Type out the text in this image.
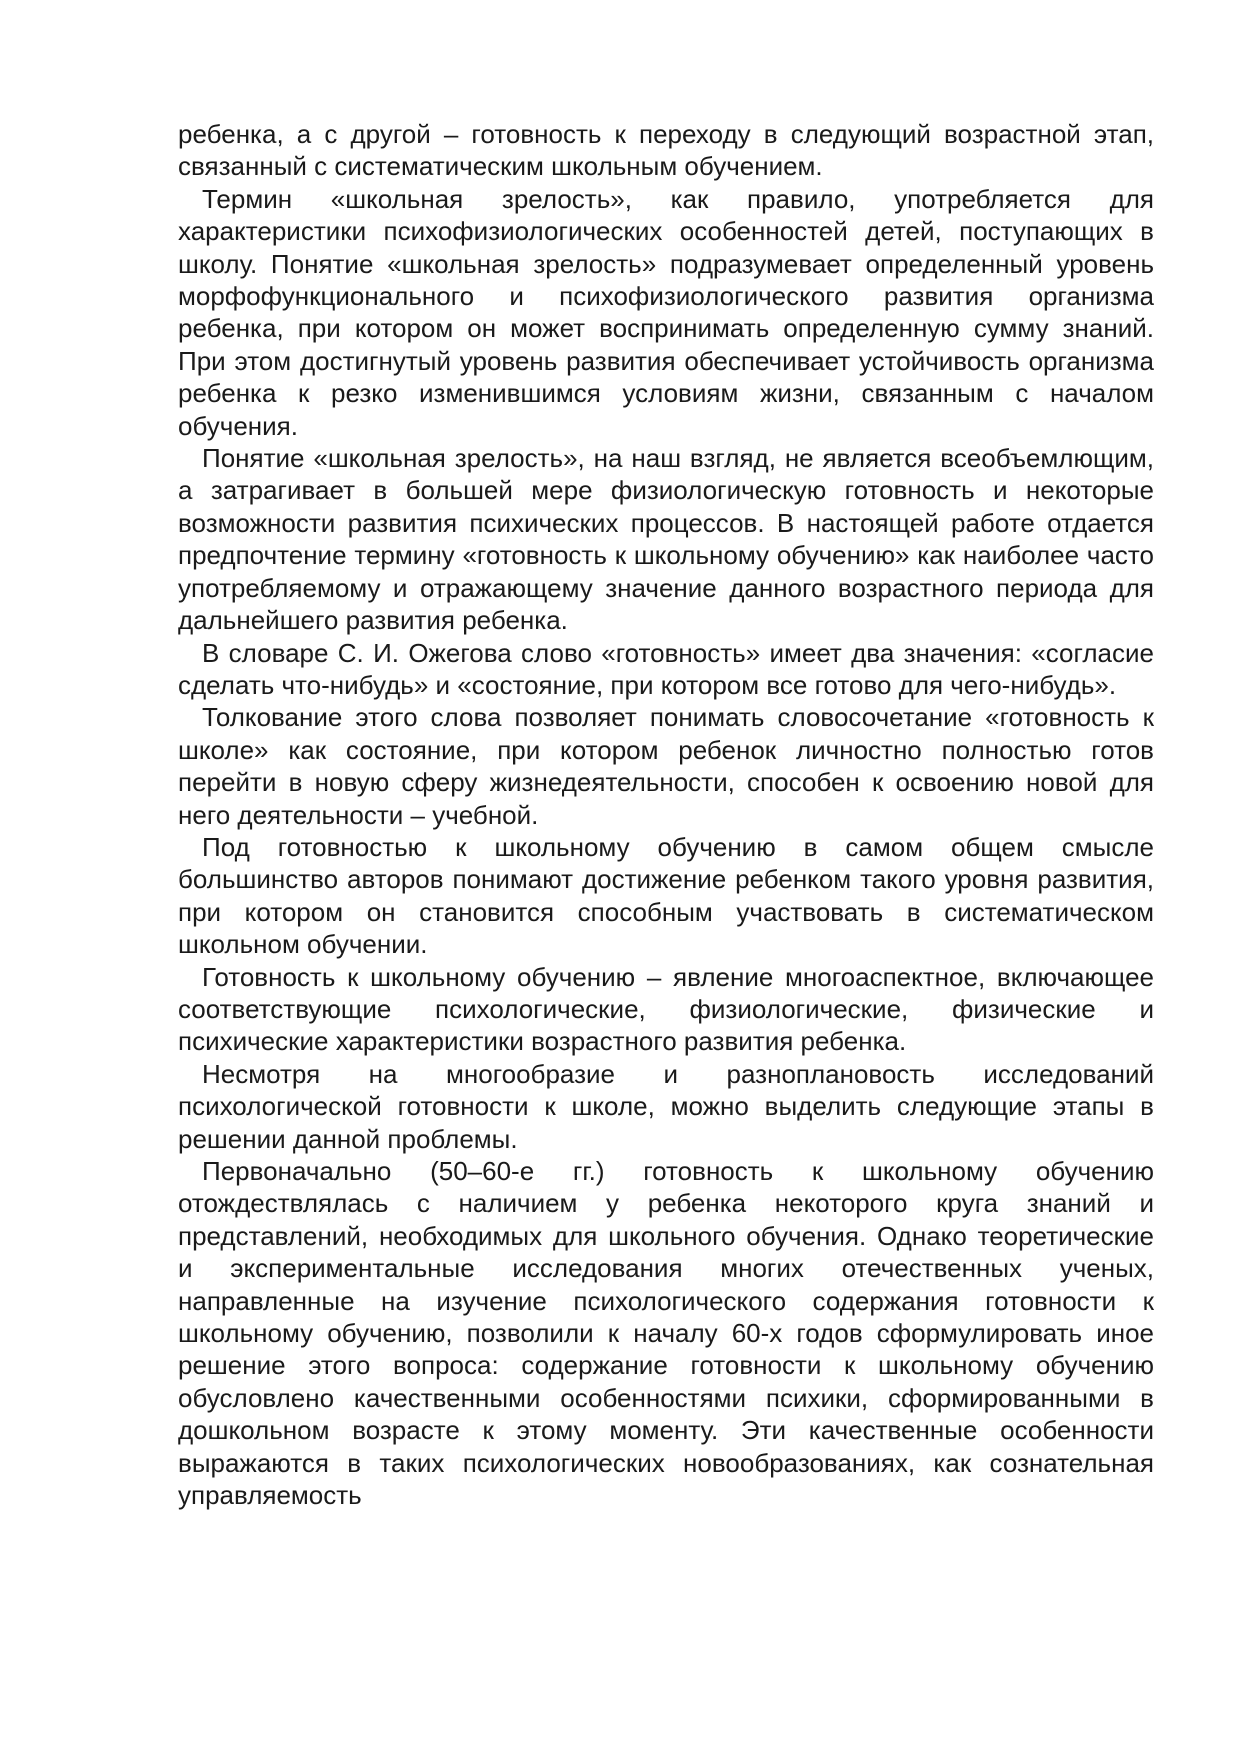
ребенка, а с другой – готовность к переходу в следующий возрастной этап, связанный с систематическим школьным обучением.

Термин «школьная зрелость», как правило, употребляется для характеристики психофизиологических особенностей детей, поступающих в школу. Понятие «школьная зрелость» подразумевает определенный уровень морфофункционального и психофизиологического развития организма ребенка, при котором он может воспринимать определенную сумму знаний. При этом достигнутый уровень развития обеспечивает устойчивость организма ребенка к резко изменившимся условиям жизни, связанным с началом обучения.

Понятие «школьная зрелость», на наш взгляд, не является всеобъемлющим, а затрагивает в большей мере физиологическую готовность и некоторые возможности развития психических процессов. В настоящей работе отдается предпочтение термину «готовность к школьному обучению» как наиболее часто употребляемому и отражающему значение данного возрастного периода для дальнейшего развития ребенка.

В словаре С. И. Ожегова слово «готовность» имеет два значения: «согласие сделать что-нибудь» и «состояние, при котором все готово для чего-нибудь».

Толкование этого слова позволяет понимать словосочетание «готовность к школе» как состояние, при котором ребенок личностно полностью готов перейти в новую сферу жизнедеятельности, способен к освоению новой для него деятельности – учебной.

Под готовностью к школьному обучению в самом общем смысле большинство авторов понимают достижение ребенком такого уровня развития, при котором он становится способным участвовать в систематическом школьном обучении.

Готовность к школьному обучению – явление многоаспектное, включающее соответствующие психологические, физиологические, физические и психические характеристики возрастного развития ребенка.

Несмотря на многообразие и разноплановость исследований психологической готовности к школе, можно выделить следующие этапы в решении данной проблемы.

Первоначально (50–60-е гг.) готовность к школьному обучению отождествлялась с наличием у ребенка некоторого круга знаний и представлений, необходимых для школьного обучения. Однако теоретические и экспериментальные исследования многих отечественных ученых, направленные на изучение психологического содержания готовности к школьному обучению, позволили к началу 60-х годов сформулировать иное решение этого вопроса: содержание готовности к школьному обучению обусловлено качественными особенностями психики, сформированными в дошкольном возрасте к этому моменту. Эти качественные особенности выражаются в таких психологических новообразованиях, как сознательная управляемость
